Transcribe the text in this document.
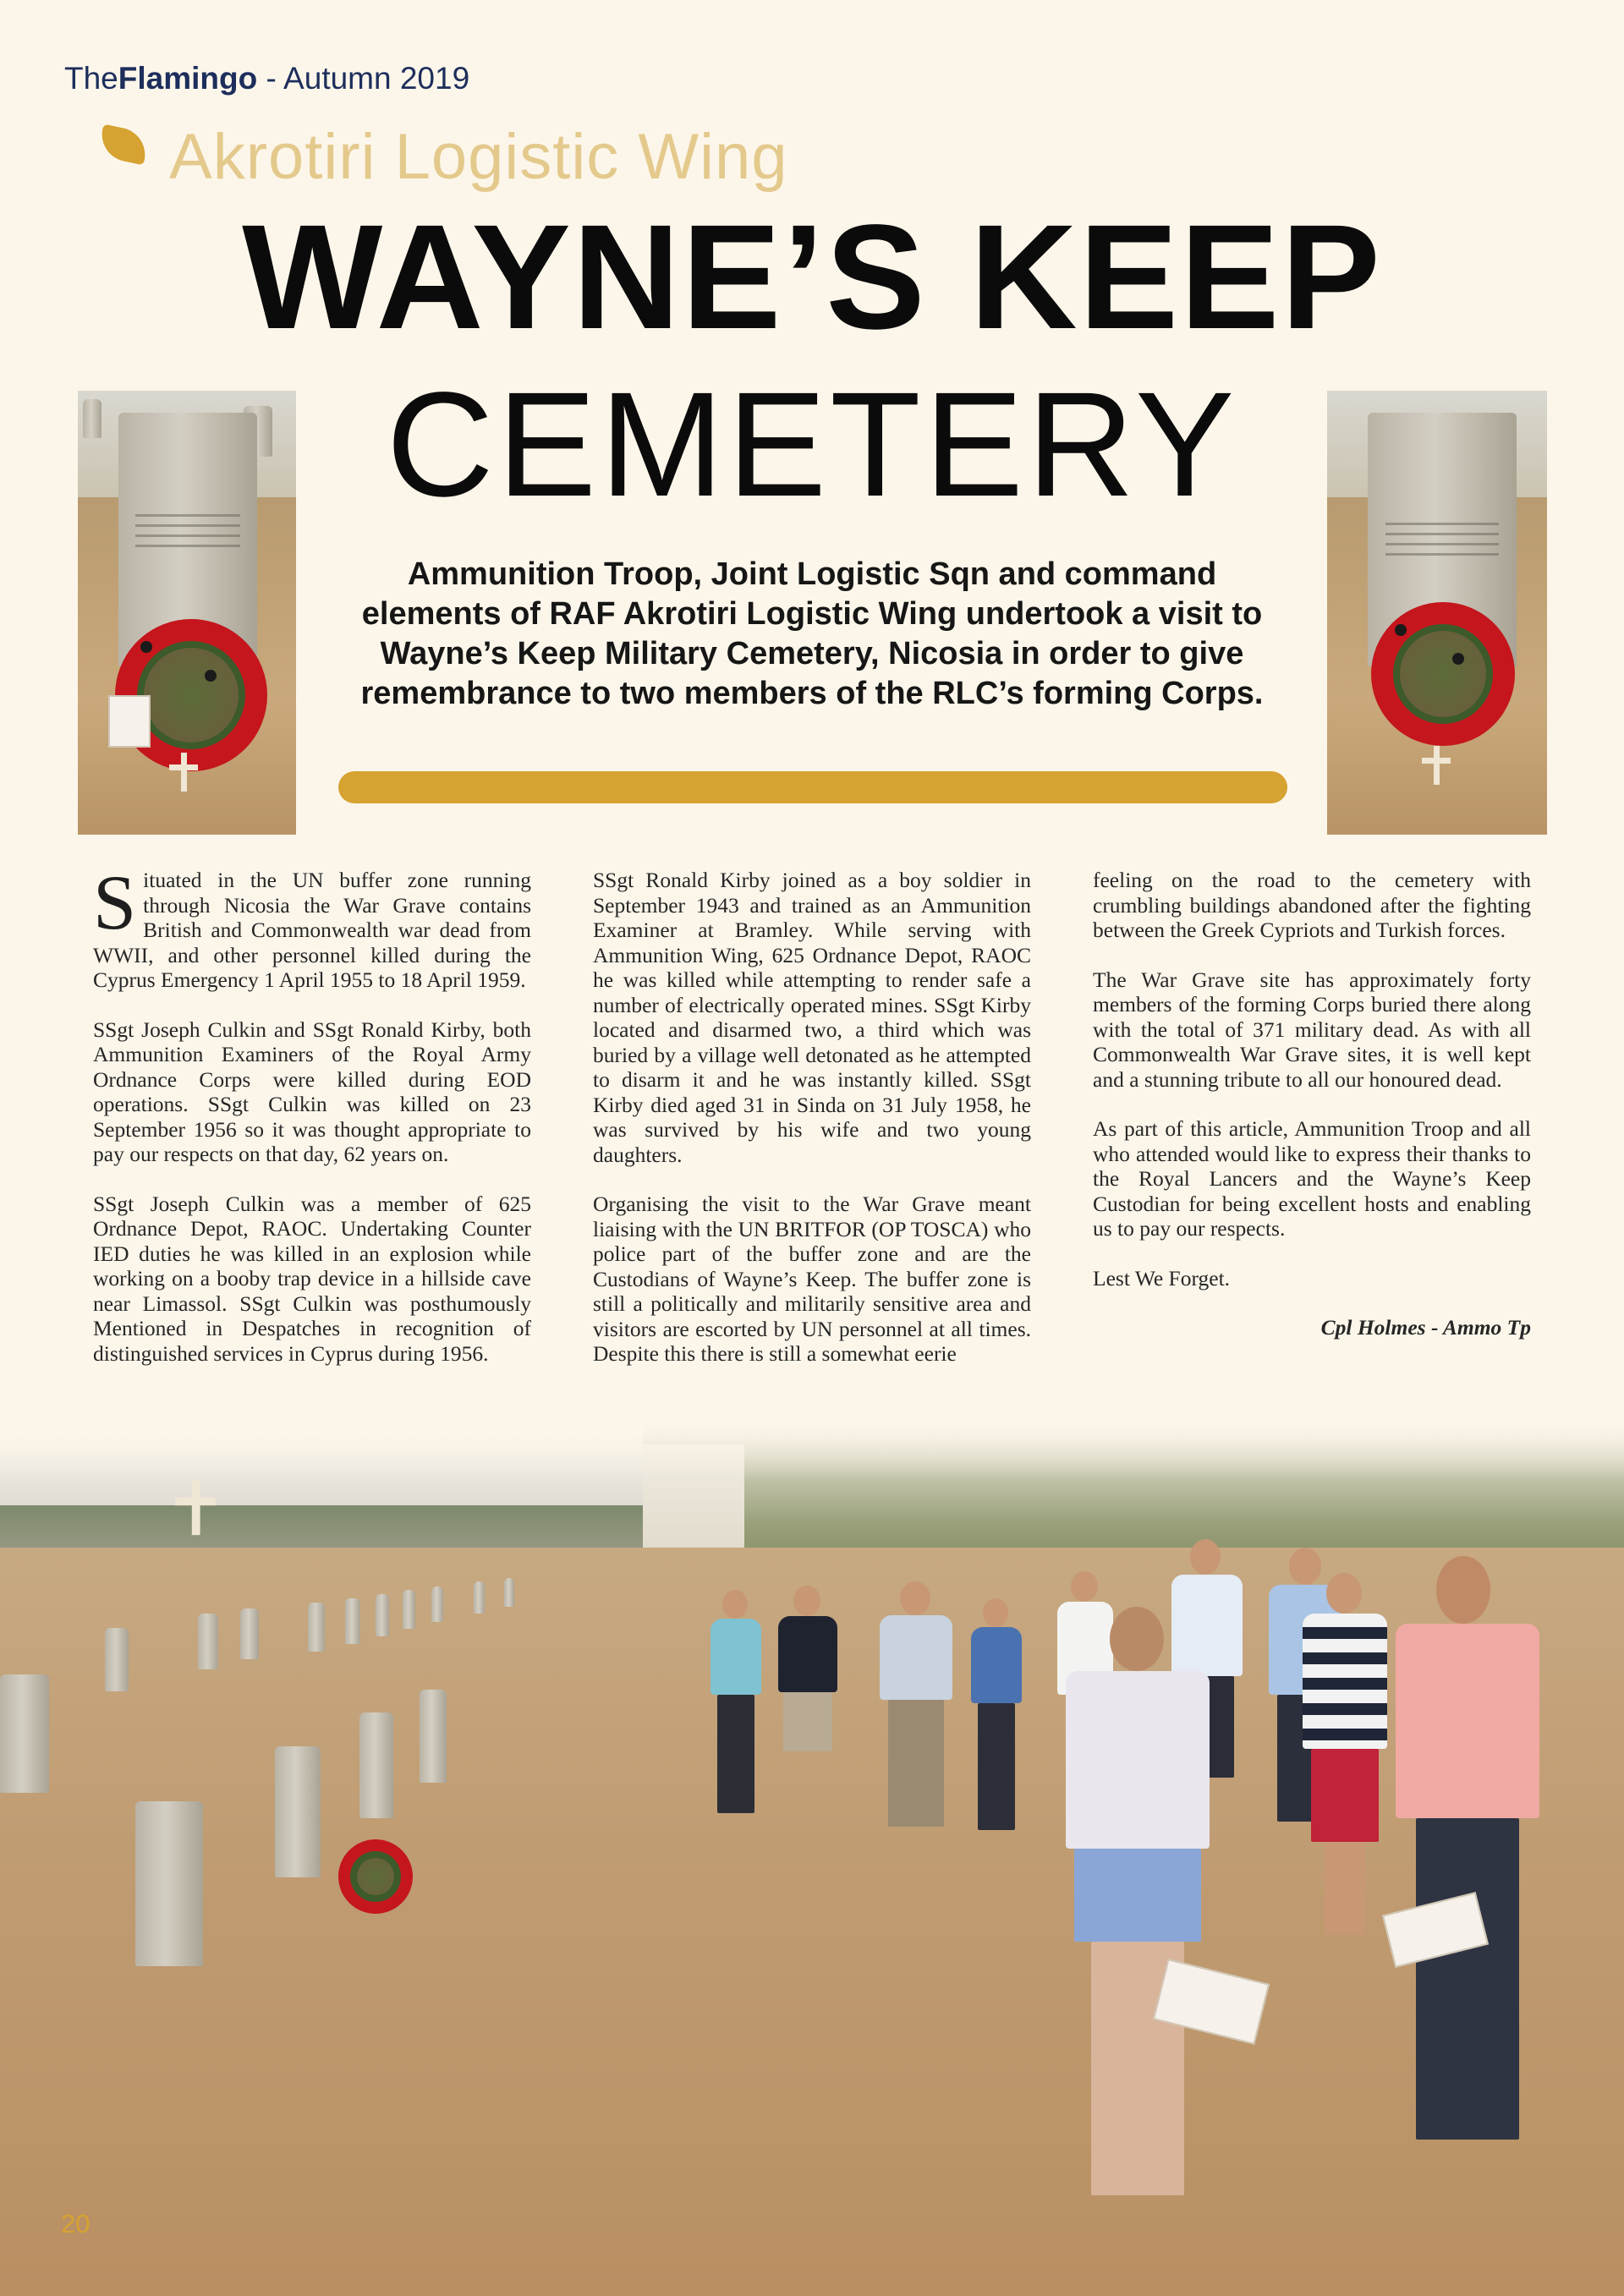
TheFlamingo - Autumn 2019
Akrotiri Logistic Wing
WAYNE’S KEEP
CEMETERY
Ammunition Troop, Joint Logistic Sqn and command elements of RAF Akrotiri Logistic Wing undertook a visit to Wayne’s Keep Military Cemetery, Nicosia in order to give remembrance to two members of the RLC’s forming Corps.

Situated in the UN buffer zone running through Nicosia the War Grave contains British and Commonwealth war dead from WWII, and other personnel killed during the Cyprus Emergency 1 April 1955 to 18 April 1959.

SSgt Joseph Culkin and SSgt Ronald Kirby, both Ammunition Examiners of the Royal Army Ordnance Corps were killed during EOD operations. SSgt Culkin was killed on 23 September 1956 so it was thought appropriate to pay our respects on that day, 62 years on.

SSgt Joseph Culkin was a member of 625 Ordnance Depot, RAOC. Undertaking Counter IED duties he was killed in an explosion while working on a booby trap device in a hillside cave near Limassol. SSgt Culkin was posthumously Mentioned in Despatches in recognition of distinguished services in Cyprus during 1956.

SSgt Ronald Kirby joined as a boy soldier in September 1943 and trained as an Ammunition Examiner at Bramley. While serving with Ammunition Wing, 625 Ordnance Depot, RAOC he was killed while attempting to render safe a number of electrically operated mines. SSgt Kirby located and disarmed two, a third which was buried by a village well detonated as he attempted to disarm it and he was instantly killed. SSgt Kirby died aged 31 in Sinda on 31 July 1958, he was survived by his wife and two young daughters.

Organising the visit to the War Grave meant liaising with the UN BRITFOR (OP TOSCA) who police part of the buffer zone and are the Custodians of Wayne’s Keep. The buffer zone is still a politically and militarily sensitive area and visitors are escorted by UN personnel at all times. Despite this there is still a somewhat eerie

feeling on the road to the cemetery with crumbling buildings abandoned after the fighting between the Greek Cypriots and Turkish forces.

The War Grave site has approximately forty members of the forming Corps buried there along with the total of 371 military dead. As with all Commonwealth War Grave sites, it is well kept and a stunning tribute to all our honoured dead.

As part of this article, Ammunition Troop and all who attended would like to express their thanks to the Royal Lancers and the Wayne’s Keep Custodian for being excellent hosts and enabling us to pay our respects.

Lest We Forget.

Cpl Holmes - Ammo Tp

20
